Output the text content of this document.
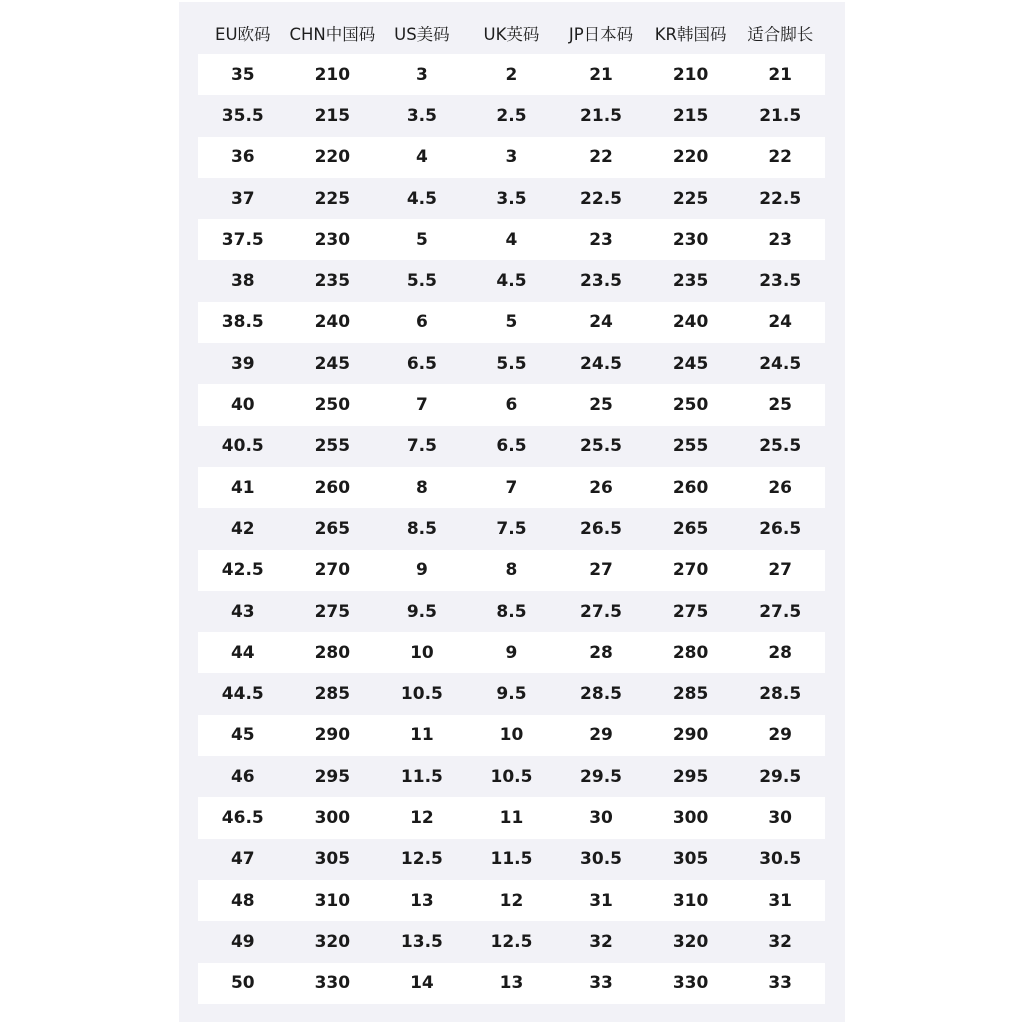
EU欧码	CHN中国码	US美码	UK英码	JP日本码	KR韩国码	适合脚长
35	210	3	2	21	210	21
35.5	215	3.5	2.5	21.5	215	21.5
36	220	4	3	22	220	22
37	225	4.5	3.5	22.5	225	22.5
37.5	230	5	4	23	230	23
38	235	5.5	4.5	23.5	235	23.5
38.5	240	6	5	24	240	24
39	245	6.5	5.5	24.5	245	24.5
40	250	7	6	25	250	25
40.5	255	7.5	6.5	25.5	255	25.5
41	260	8	7	26	260	26
42	265	8.5	7.5	26.5	265	26.5
42.5	270	9	8	27	270	27
43	275	9.5	8.5	27.5	275	27.5
44	280	10	9	28	280	28
44.5	285	10.5	9.5	28.5	285	28.5
45	290	11	10	29	290	29
46	295	11.5	10.5	29.5	295	29.5
46.5	300	12	11	30	300	30
47	305	12.5	11.5	30.5	305	30.5
48	310	13	12	31	310	31
49	320	13.5	12.5	32	320	32
50	330	14	13	33	330	33
